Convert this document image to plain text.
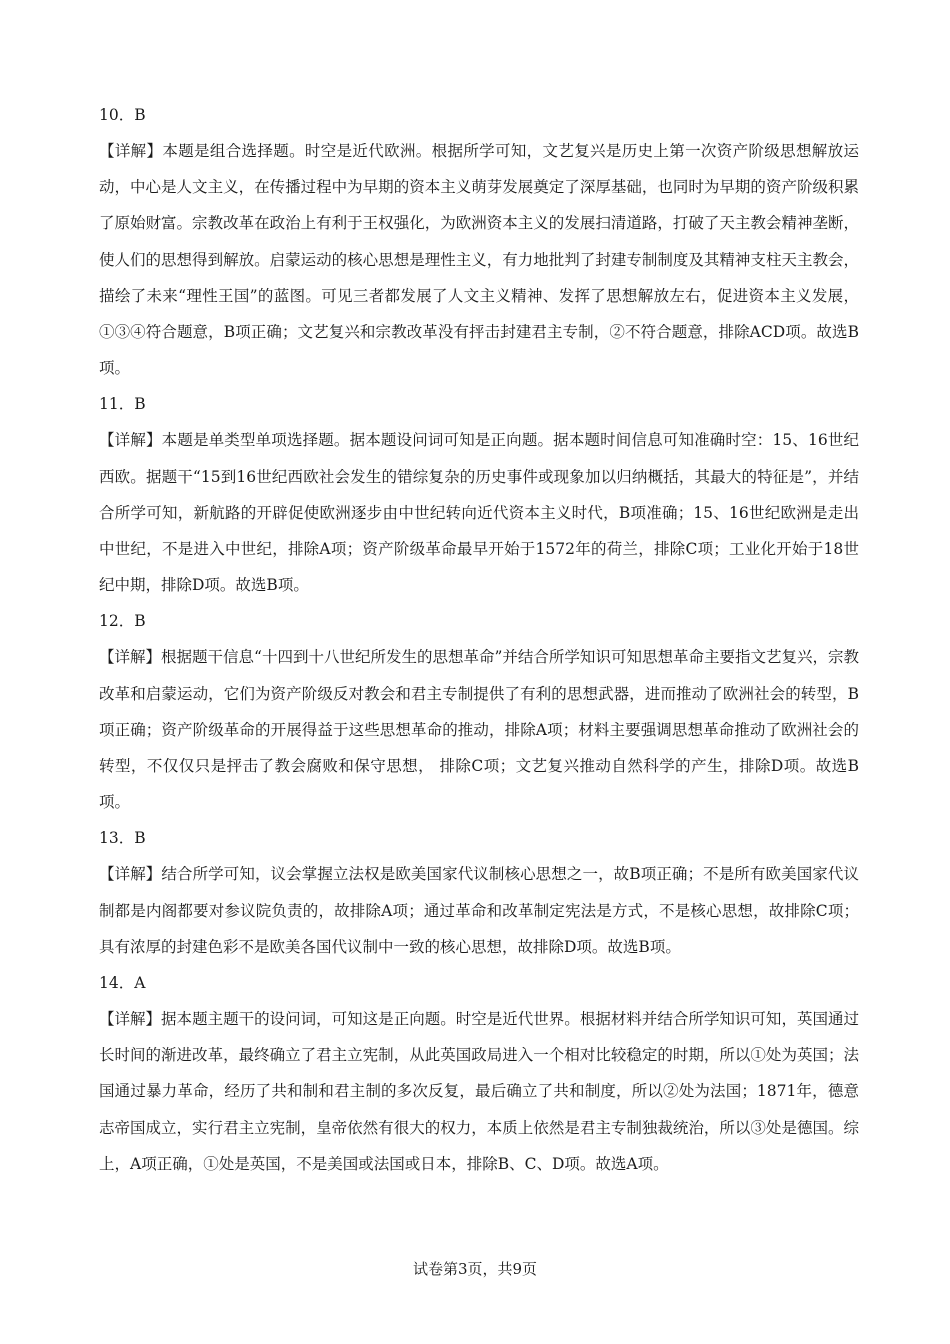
10．B

【详解】本题是组合选择题。时空是近代欧洲。根据所学可知，文艺复兴是历史上第一次资产阶级思想解放运动，中心是人文主义，在传播过程中为早期的资本主义萌芽发展奠定了深厚基础，也同时为早期的资产阶级积累了原始财富。宗教改革在政治上有利于王权强化，为欧洲资本主义的发展扫清道路，打破了天主教会精神垄断，使人们的思想得到解放。启蒙运动的核心思想是理性主义，有力地批判了封建专制制度及其精神支柱天主教会，描绘了未来“理性王国”的蓝图。可见三者都发展了人文主义精神、发挥了思想解放左右，促进资本主义发展，①③④符合题意，B项正确；文艺复兴和宗教改革没有抨击封建君主专制，②不符合题意，排除ACD项。故选B项。

11．B

【详解】本题是单类型单项选择题。据本题设问词可知是正向题。据本题时间信息可知准确时空：15、16世纪西欧。据题干“15到16世纪西欧社会发生的错综复杂的历史事件或现象加以归纳概括，其最大的特征是”，并结合所学可知，新航路的开辟促使欧洲逐步由中世纪转向近代资本主义时代，B项准确；15、16世纪欧洲是走出中世纪，不是进入中世纪，排除A项；资产阶级革命最早开始于1572年的荷兰，排除C项；工业化开始于18世纪中期，排除D项。故选B项。

12．B

【详解】根据题干信息“十四到十八世纪所发生的思想革命”并结合所学知识可知思想革命主要指文艺复兴，宗教改革和启蒙运动，它们为资产阶级反对教会和君主专制提供了有利的思想武器，进而推动了欧洲社会的转型，B项正确；资产阶级革命的开展得益于这些思想革命的推动，排除A项；材料主要强调思想革命推动了欧洲社会的转型，不仅仅只是抨击了教会腐败和保守思想， 排除C项；文艺复兴推动自然科学的产生，排除D项。故选B项。

13．B

【详解】结合所学可知，议会掌握立法权是欧美国家代议制核心思想之一，故B项正确；不是所有欧美国家代议制都是内阁都要对参议院负责的，故排除A项；通过革命和改革制定宪法是方式，不是核心思想，故排除C项；具有浓厚的封建色彩不是欧美各国代议制中一致的核心思想，故排除D项。故选B项。

14．A

【详解】据本题主题干的设问词，可知这是正向题。时空是近代世界。根据材料并结合所学知识可知，英国通过长时间的渐进改革，最终确立了君主立宪制，从此英国政局进入一个相对比较稳定的时期，所以①处为英国；法国通过暴力革命，经历了共和制和君主制的多次反复，最后确立了共和制度，所以②处为法国；1871年，德意志帝国成立，实行君主立宪制，皇帝依然有很大的权力，本质上依然是君主专制独裁统治，所以③处是德国。综上，A项正确，①处是英国，不是美国或法国或日本，排除B、C、D项。故选A项。

试卷第3页，共9页
